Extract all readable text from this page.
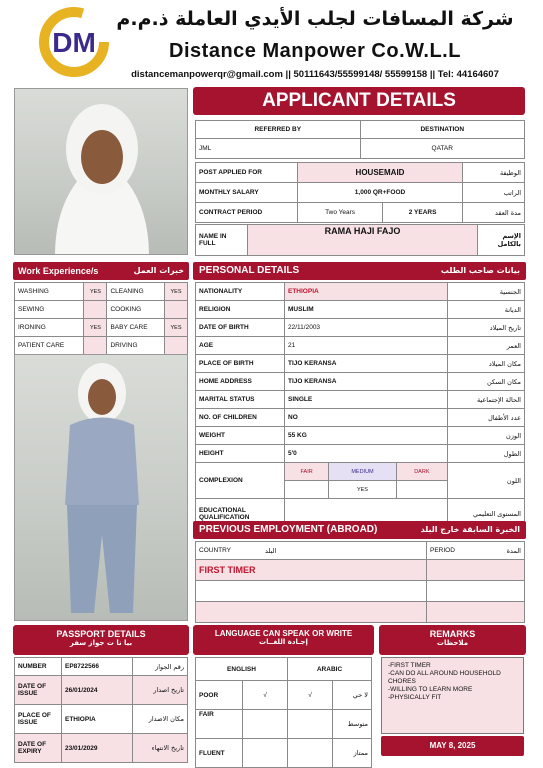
DM
شركة المسافات لجلب الأيدي العاملة ذ.م.م
Distance Manpower Co.W.L.L
distancemanpowerqr@gmail.com || 50111643/55599148/ 55599158 || Tel: 44164607
APPLICANT DETAILS
REFERRED BY	DESTINATION
JML	QATAR
POST APPLIED FOR	HOUSEMAID		الوظيفة
MONTHLY SALARY	1,000 QR+FOOD		الراتب
CONTRACT PERIOD	Two Years	2 YEARS	مدة العقد
NAME IN FULL	RAMA HAJI FAJO	الإسم بالكامل
Work Experience/s	خبرات العمل
WASHING	YES	CLEANING	YES
SEWING		COOKING	
IRONING	YES	BABY CARE	YES
PATIENT CARE		DRIVING	
PERSONAL DETAILS	بيانات صاحب الطلب
NATIONALITY	ETHIOPIA			الجنسية
RELIGION	MUSLIM			الديانة
DATE OF BIRTH	22/11/2003			تاريخ الميلاد
AGE	21			العمر
PLACE OF BIRTH	TIJO KERANSA			مكان الميلاد
HOME ADDRESS	TIJO KERANSA			مكان السكن
MARITAL STATUS	SINGLE			الحالة الإجتماعية
NO. OF CHILDREN	NO			عدد الأطفال
WEIGHT	55 KG			الوزن
HEIGHT	5'0			الطول
COMPLEXION	FAIR	MEDIUM	DARK	اللون
		YES		
EDUCATIONAL QUALIFICATION				المستوى التعليمي
PREVIOUS EMPLOYMENT (ABROAD)	الخبرة السابقة خارج البلد
COUNTRY	البلد	PERIOD	المدة
FIRST TIMER			

PASSPORT DETAILS
بيا نا ت جواز سفر
NUMBER	EP8722566	رقم الجواز
DATE OF ISSUE	26/01/2024	تاريخ اصدار
PLACE OF ISSUE	ETHIOPIA	مكان الاصدار
DATE OF EXPIRY	23/01/2029	تاريخ الانتهاء
LANGUAGE CAN SPEAK OR WRITE
إجـادة اللغــات
ENGLISH		ARABIC	
POOR	√	√	لا حي
FAIR			متوسط
FLUENT			ممتاز
REMARKS
ملاحظات
-FIRST TIMER
-CAN DO ALL AROUND HOUSEHOLD CHORES
-WILLING TO LEARN MORE
-PHYSICALLY FIT
MAY 8, 2025
